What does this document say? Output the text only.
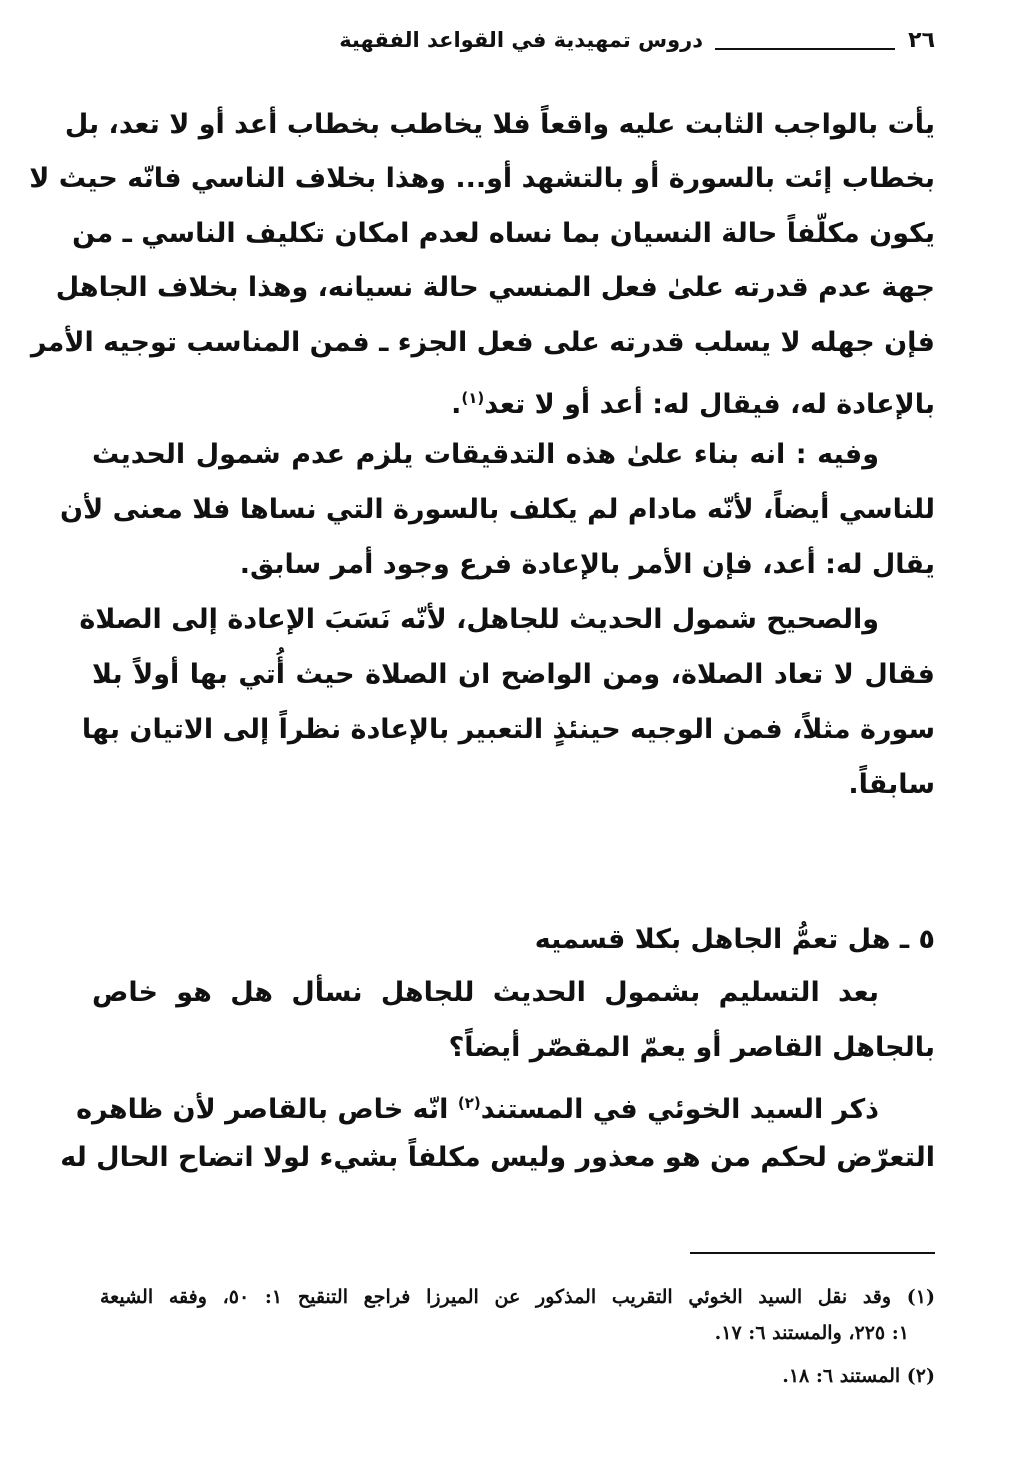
٢٦
دروس تمهيدية في القواعد الفقهية
يأت بالواجب الثابت عليه واقعاً فلا يخاطب بخطاب أعد أو لا تعد، بل
بخطاب إئت بالسورة أو بالتشهد أو... وهذا بخلاف الناسي فانّه حيث لا
يكون مكلّفاً حالة النسيان بما نساه لعدم امكان تكليف الناسي ـ من
جهة عدم قدرته علىٰ فعل المنسي حالة نسيانه، وهذا بخلاف الجاهل
فإن جهله لا يسلب قدرته على فعل الجزء ـ فمن المناسب توجيه الأمر
بالإعادة له، فيقال له: أعد أو لا تعد$^{(١)}$.
وفيه : انه بناء علىٰ هذه التدقيقات يلزم عدم شمول الحديث
للناسي أيضاً، لأنّه مادام لم يكلف بالسورة التي نساها فلا معنى لأن
يقال له: أعد، فإن الأمر بالإعادة فرع وجود أمر سابق.
والصحيح شمول الحديث للجاهل، لأنّه نَسَبَ الإعادة إلى الصلاة
فقال لا تعاد الصلاة، ومن الواضح ان الصلاة حيث أُتي بها أولاً بلا
سورة مثلاً، فمن الوجيه حينئذٍ التعبير بالإعادة نظراً إلى الاتيان بها
سابقاً.
٥ ـ هل تعمُّ الجاهل بكلا قسميه
بعد التسليم بشمول الحديث للجاهل نسأل هل هو خاص
بالجاهل القاصر أو يعمّ المقصّر أيضاً؟
ذكر السيد الخوئي في المستند$^{(٢)}$ انّه خاص بالقاصر لأن ظاهره
التعرّض لحكم من هو معذور وليس مكلفاً بشيء لولا اتضاح الحال له
(١) وقد نقل السيد الخوئي التقريب المذكور عن الميرزا فراجع التنقيح ١: ٥٠، وفقه الشيعة
١: ٢٢٥، والمستند ٦: ١٧.
(٢) المستند ٦: ١٨.
